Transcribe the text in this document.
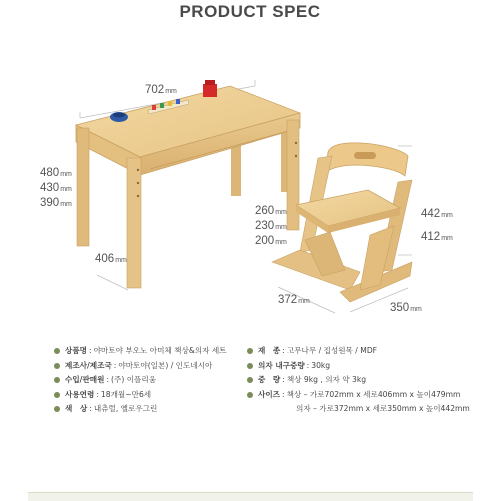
PRODUCT SPEC
702mm
480mm
430mm
390mm
406mm
260mm
230mm
200mm
442mm
412mm
372mm
350mm
상품명 : 야마토야 부오노 아미체 책상&의자 세트
제조사/제조국 : 야마토야(일본) / 인도네시아
수입/판매원 : (주) 이플리움
사용연령 : 18개월~만6세
색　상 : 내츄럴, 옐로우그린
재　종 : 고무나무 / 집성원목 / MDF
의자 내구중량 : 30kg
중　량 : 책상 9kg , 의자 약 3kg
사이즈 : 책상 – 가로702mm x 세로406mm x 높이479mm
의자 – 가로372mm x 세로350mm x 높이442mm
